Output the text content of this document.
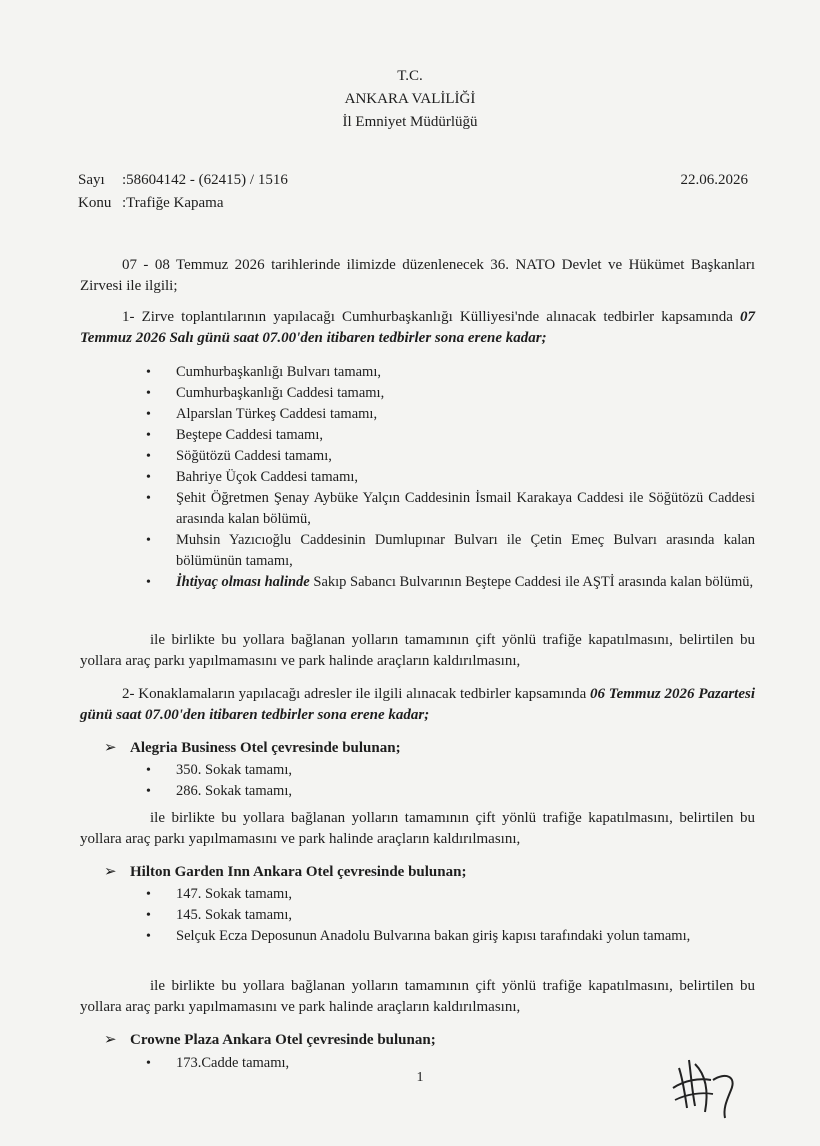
T.C.
ANKARA VALİLİĞİ
İl Emniyet Müdürlüğü
Sayı :58604142 - (62415) / 1516
Konu :Trafiğe Kapama
22.06.2026
07 - 08 Temmuz 2026 tarihlerinde ilimizde düzenlenecek 36. NATO Devlet ve Hükümet Başkanları Zirvesi ile ilgili;
1- Zirve toplantılarının yapılacağı Cumhurbaşkanlığı Külliyesi'nde alınacak tedbirler kapsamında 07 Temmuz 2026 Salı günü saat 07.00'den itibaren tedbirler sona erene kadar;
• Cumhurbaşkanlığı Bulvarı tamamı,
• Cumhurbaşkanlığı Caddesi tamamı,
• Alparslan Türkeş Caddesi tamamı,
• Beştepe Caddesi tamamı,
• Söğütözü Caddesi tamamı,
• Bahriye Üçok Caddesi tamamı,
• Şehit Öğretmen Şenay Aybüke Yalçın Caddesinin İsmail Karakaya Caddesi ile Söğütözü Caddesi arasında kalan bölümü,
• Muhsin Yazıcıoğlu Caddesinin Dumlupınar Bulvarı ile Çetin Emeç Bulvarı arasında kalan bölümünün tamamı,
• İhtiyaç olması halinde Sakıp Sabancı Bulvarının Beştepe Caddesi ile AŞTİ arasında kalan bölümü,
ile birlikte bu yollara bağlanan yolların tamamının çift yönlü trafiğe kapatılmasını, belirtilen bu yollara araç parkı yapılmamasını ve park halinde araçların kaldırılmasını,
2- Konaklamaların yapılacağı adresler ile ilgili alınacak tedbirler kapsamında 06 Temmuz 2026 Pazartesi günü saat 07.00'den itibaren tedbirler sona erene kadar;
➢ Alegria Business Otel çevresinde bulunan;
• 350. Sokak tamamı,
• 286. Sokak tamamı,
ile birlikte bu yollara bağlanan yolların tamamının çift yönlü trafiğe kapatılmasını, belirtilen bu yollara araç parkı yapılmamasını ve park halinde araçların kaldırılmasını,
➢ Hilton Garden Inn Ankara Otel çevresinde bulunan;
• 147. Sokak tamamı,
• 145. Sokak tamamı,
• Selçuk Ecza Deposunun Anadolu Bulvarına bakan giriş kapısı tarafındaki yolun tamamı,
ile birlikte bu yollara bağlanan yolların tamamının çift yönlü trafiğe kapatılmasını, belirtilen bu yollara araç parkı yapılmamasını ve park halinde araçların kaldırılmasını,
➢ Crowne Plaza Ankara Otel çevresinde bulunan;
• 173.Cadde tamamı,
1
